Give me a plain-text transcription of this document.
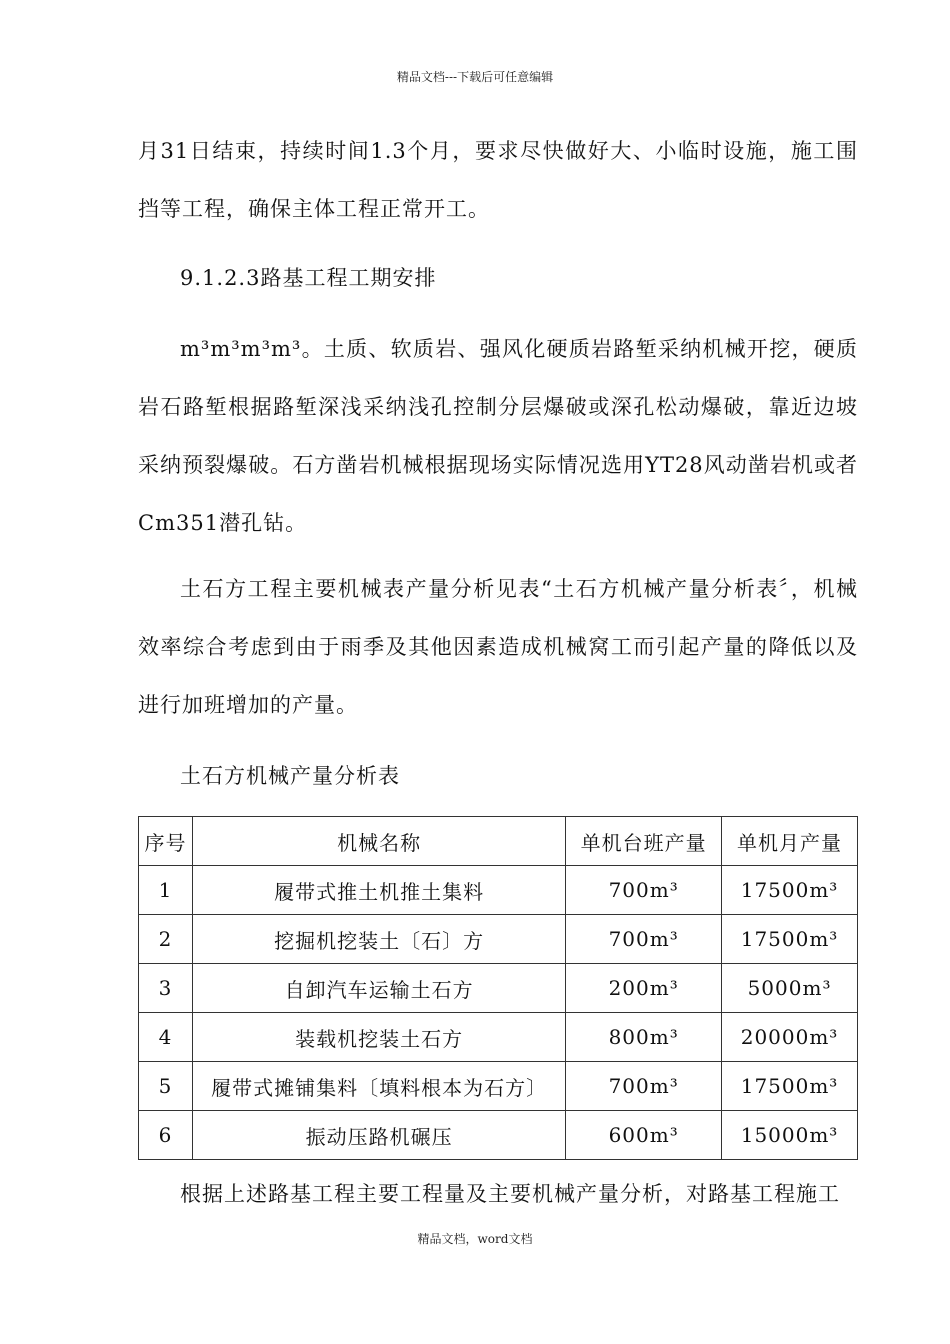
精品文档---下载后可任意编辑

月31日结束，持续时间1.3个月，要求尽快做好大、小临时设施，施工围挡等工程，确保主体工程正常开工。

9.1.2.3路基工程工期安排

m³m³m³m³。土质、软质岩、强风化硬质岩路堑采纳机械开挖，硬质岩石路堑根据路堑深浅采纳浅孔控制分层爆破或深孔松动爆破，靠近边坡采纳预裂爆破。石方凿岩机械根据现场实际情况选用YT28风动凿岩机或者Cm351潜孔钻。

土石方工程主要机械表产量分析见表“土石方机械产量分析表〞，机械效率综合考虑到由于雨季及其他因素造成机械窝工而引起产量的降低以及进行加班增加的产量。

土石方机械产量分析表

序号	机械名称	单机台班产量	单机月产量
1	履带式推土机推土集料	700m³	17500m³
2	挖掘机挖装土〔石〕方	700m³	17500m³
3	自卸汽车运输土石方	200m³	5000m³
4	装载机挖装土石方	800m³	20000m³
5	履带式摊铺集料〔填料根本为石方〕	700m³	17500m³
6	振动压路机碾压	600m³	15000m³

根据上述路基工程主要工程量及主要机械产量分析，对路基工程施工

精品文档，word文档
